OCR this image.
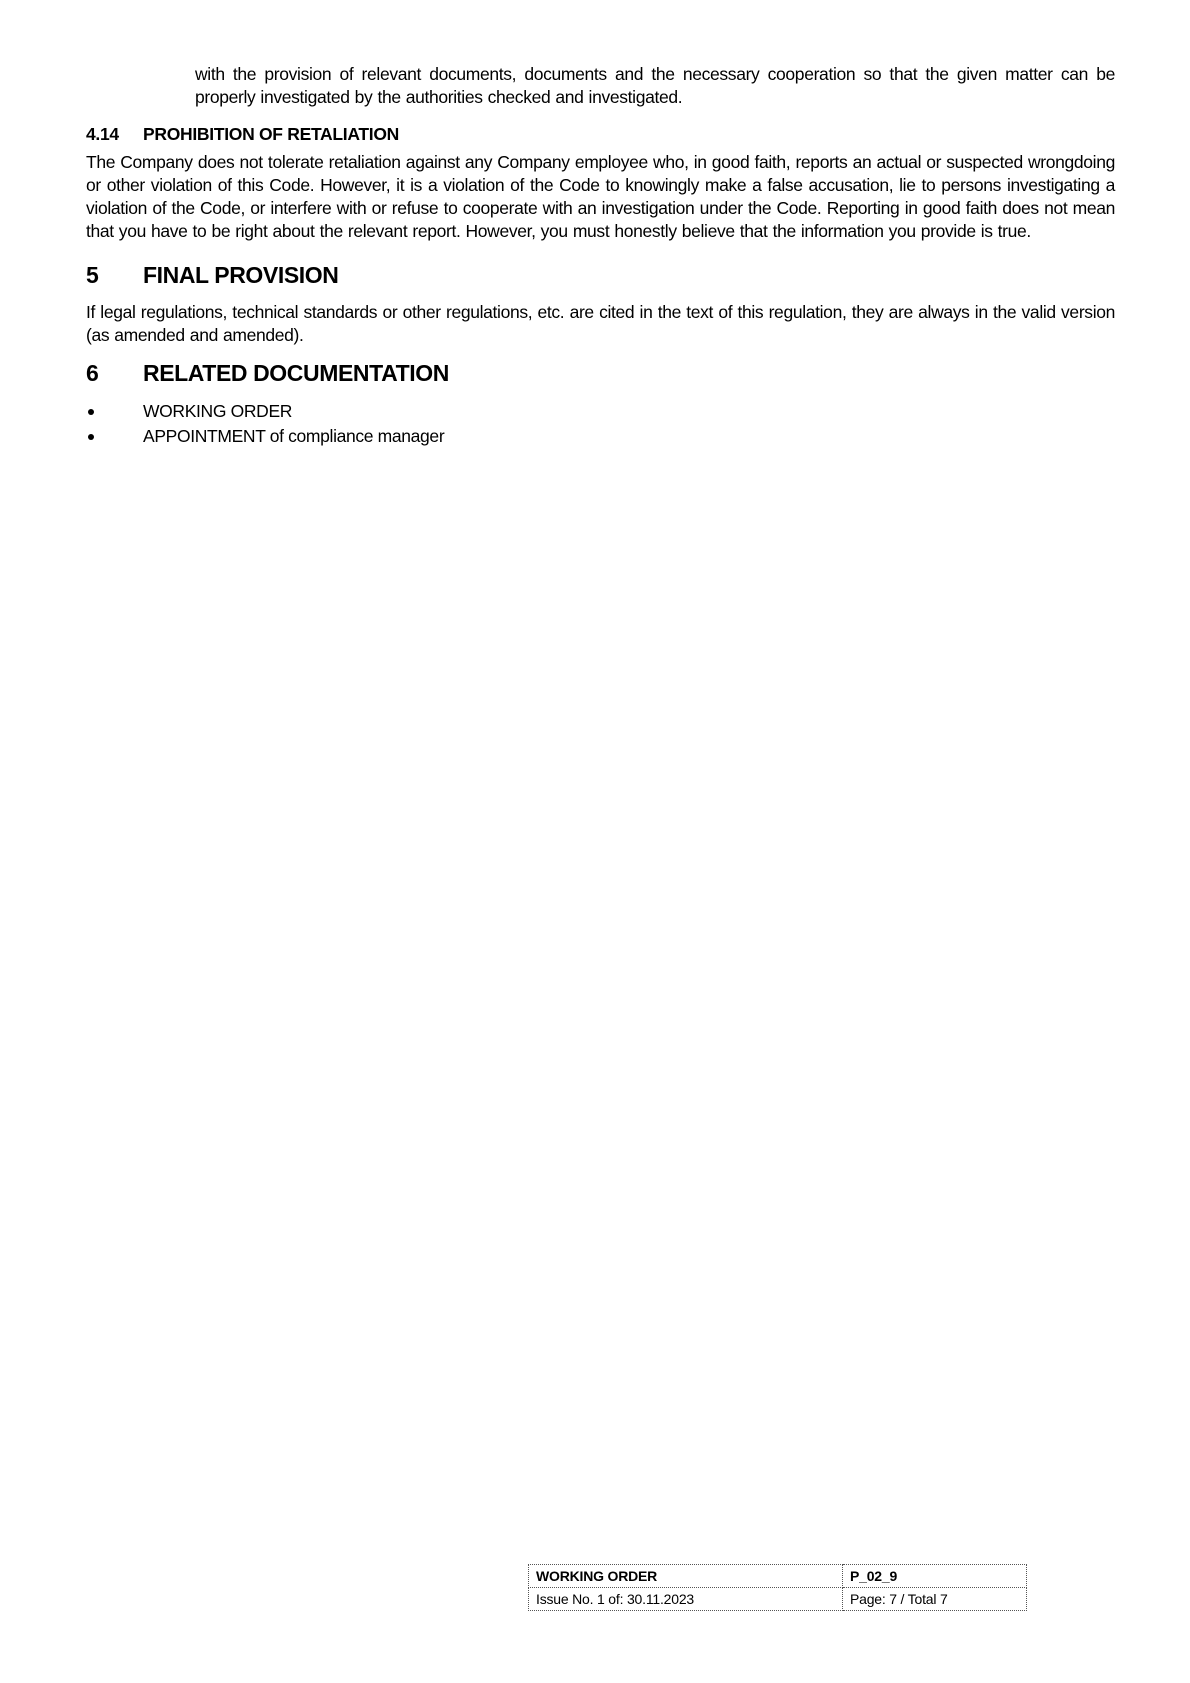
with the provision of relevant documents, documents and the necessary cooperation so that the given matter can be properly investigated by the authorities checked and investigated.
4.14 PROHIBITION OF RETALIATION
The Company does not tolerate retaliation against any Company employee who, in good faith, reports an actual or suspected wrongdoing or other violation of this Code. However, it is a violation of the Code to knowingly make a false accusation, lie to persons investigating a violation of the Code, or interfere with or refuse to cooperate with an investigation under the Code. Reporting in good faith does not mean that you have to be right about the relevant report. However, you must honestly believe that the information you provide is true.
5 FINAL PROVISION
If legal regulations, technical standards or other regulations, etc. are cited in the text of this regulation, they are always in the valid version (as amended and amended).
6 RELATED DOCUMENTATION
WORKING ORDER
APPOINTMENT of compliance manager
WORKING ORDER	P_02_9
Issue No. 1 of: 30.11.2023	Page: 7 / Total 7
